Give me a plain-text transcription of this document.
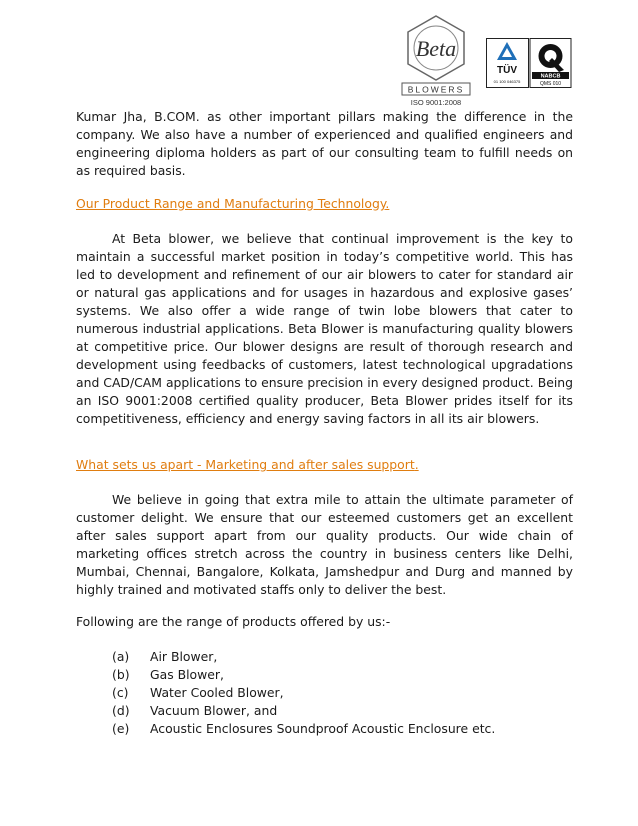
Beta
BLOWERS
ISO 9001:2008
TÜV
01 100 046375
NABCB
QMS 010
Kumar Jha, B.COM. as other important pillars making the difference in the company. We also have a number of experienced and qualified engineers and engineering diploma holders as part of our consulting team to fulfill needs on as required basis.
Our Product Range and Manufacturing Technology.
At Beta blower, we believe that continual improvement is the key to maintain a successful market position in today’s competitive world. This has led to development and refinement of our air blowers to cater for standard air or natural gas applications and for usages in hazardous and explosive gases’ systems. We also offer a wide range of twin lobe blowers that cater to numerous industrial applications. Beta Blower is manufacturing quality blowers at competitive price. Our blower designs are result of thorough research and development using feedbacks of customers, latest technological upgradations and CAD/CAM applications to ensure precision in every designed product. Being an ISO 9001:2008 certified quality producer, Beta Blower prides itself for its competitiveness, efficiency and energy saving factors in all its air blowers.
What sets us apart - Marketing and after sales support.
We believe in going that extra mile to attain the ultimate parameter of customer delight. We ensure that our esteemed customers get an excellent after sales support apart from our quality products. Our wide chain of marketing offices stretch across the country in business centers like Delhi, Mumbai, Chennai, Bangalore, Kolkata, Jamshedpur and Durg and manned by highly trained and motivated staffs only to deliver the best.
Following are the range of products offered by us:-
(a)	Air Blower,
(b)	Gas Blower,
(c)	Water Cooled Blower,
(d)	Vacuum Blower, and
(e)	Acoustic Enclosures Soundproof Acoustic Enclosure etc.
